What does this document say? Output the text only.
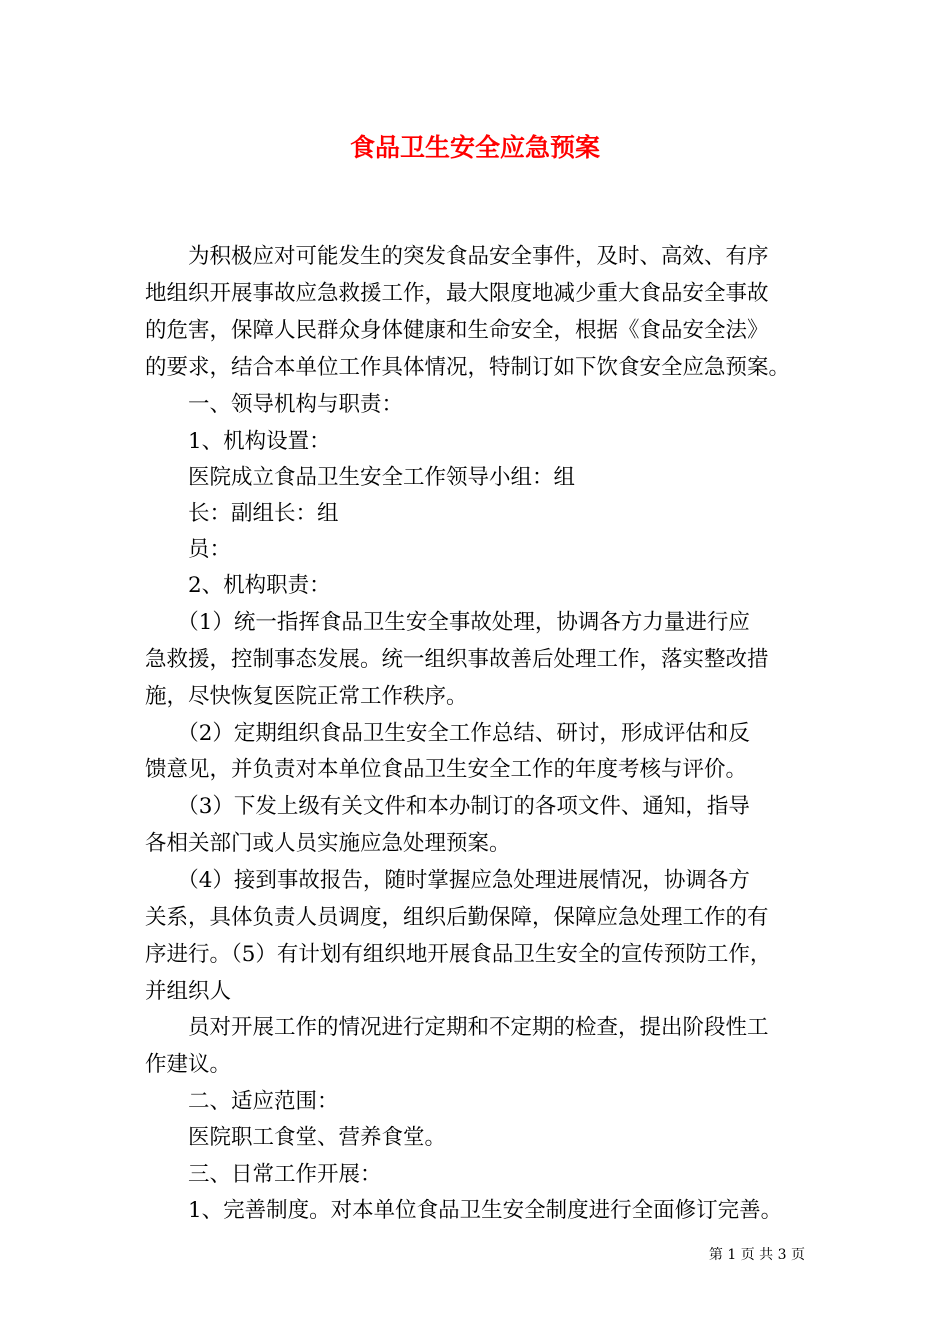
食品卫生安全应急预案

　　为积极应对可能发生的突发食品安全事件，及时、高效、有序

地组织开展事故应急救援工作，最大限度地减少重大食品安全事故

的危害，保障人民群众身体健康和生命安全，根据《食品安全法》

的要求，结合本单位工作具体情况，特制订如下饮食安全应急预案。

　　一、领导机构与职责：

　　1、机构设置：

　　医院成立食品卫生安全工作领导小组：组

　　长：副组长：组

　　员：

　　2、机构职责：

　　（1）统一指挥食品卫生安全事故处理，协调各方力量进行应

急救援，控制事态发展。统一组织事故善后处理工作，落实整改措

施，尽快恢复医院正常工作秩序。

　　（2）定期组织食品卫生安全工作总结、研讨，形成评估和反

馈意见，并负责对本单位食品卫生安全工作的年度考核与评价。

　　（3）下发上级有关文件和本办制订的各项文件、通知，指导

各相关部门或人员实施应急处理预案。

　　（4）接到事故报告，随时掌握应急处理进展情况，协调各方

关系，具体负责人员调度，组织后勤保障，保障应急处理工作的有

序进行。（5）有计划有组织地开展食品卫生安全的宣传预防工作，

并组织人

　　员对开展工作的情况进行定期和不定期的检查，提出阶段性工

作建议。

　　二、适应范围：

　　医院职工食堂、营养食堂。

　　三、日常工作开展：

　　1、完善制度。对本单位食品卫生安全制度进行全面修订完善。

第 1 页 共 3 页
